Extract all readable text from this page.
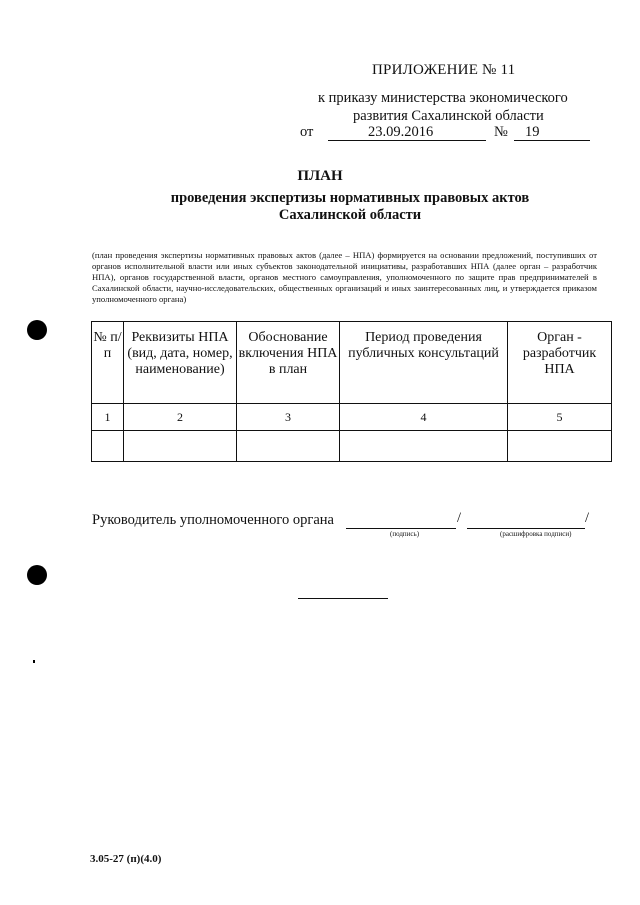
ПРИЛОЖЕНИЕ № 11
к приказу министерства экономического
развития Сахалинской области
от	23.09.2016	№ 19
ПЛАН
проведения экспертизы нормативных правовых актов
Сахалинской области
(план проведения экспертизы нормативных правовых актов (далее – НПА) формируется на основании предложений, поступивших от органов исполнительной власти или иных субъектов законодательной инициативы, разработавших НПА (далее орган – разработчик НПА), органов государственной власти, органов местного самоуправления, уполномоченного по защите прав предпринимателей в Сахалинской области, научно-исследовательских, общественных организаций и иных заинтересованных лиц, и утверждается приказом уполномоченного органа)
№ п/п	Реквизиты НПА (вид, дата, номер, наименование)	Обоснование включения НПА в план	Период проведения публичных консультаций	Орган - разработчик НПА
1	2	3	4	5

Руководитель уполномоченного органа	/	/
(подпись)	(расшифровка подписи)
3.05-27 (п)(4.0)
